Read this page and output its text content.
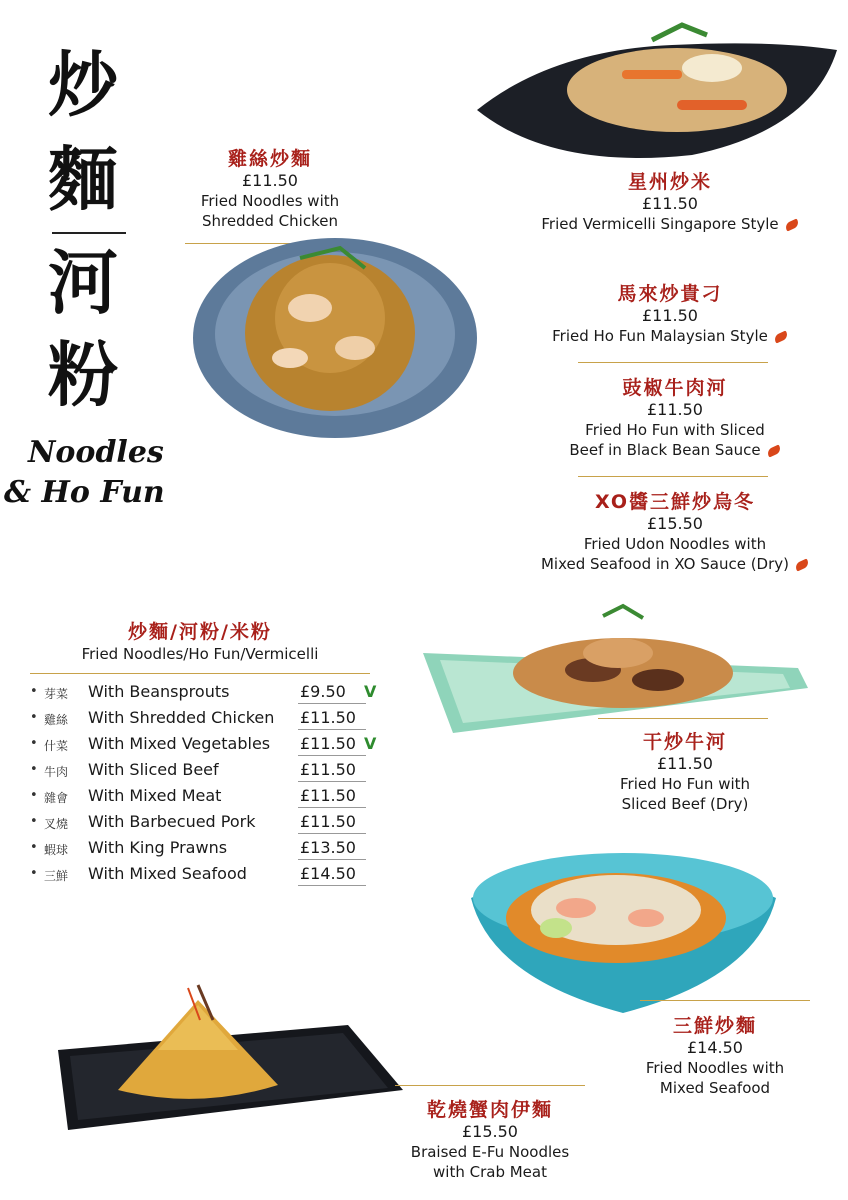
炒
麵
河
粉
Noodles
& Ho Fun
雞絲炒麵
£11.50
Fried Noodles with
Shredded Chicken
星州炒米
£11.50
Fried Vermicelli Singapore Style
馬來炒貴刁
£11.50
Fried Ho Fun Malaysian Style
豉椒牛肉河
£11.50
Fried Ho Fun with Sliced
Beef in Black Bean Sauce
XO醬三鮮炒烏冬
£15.50
Fried Udon Noodles with
Mixed Seafood in XO Sauce (Dry)
炒麵/河粉/米粉
Fried Noodles/Ho Fun/Vermicelli
• 芽菜 With Beansprouts	£9.50 V
• 雞絲 With Shredded Chicken £11.50
• 什菜 With Mixed Vegetables £11.50 V
• 牛肉 With Sliced Beef	£11.50
• 雜會 With Mixed Meat	£11.50
• 叉燒 With Barbecued Pork	£11.50
• 蝦球 With King Prawns	£13.50
• 三鮮 With Mixed Seafood	£14.50
干炒牛河
£11.50
Fried Ho Fun with
Sliced Beef (Dry)
三鮮炒麵
£14.50
Fried Noodles with
Mixed Seafood
乾燒蟹肉伊麵
£15.50
Braised E-Fu Noodles
with Crab Meat
